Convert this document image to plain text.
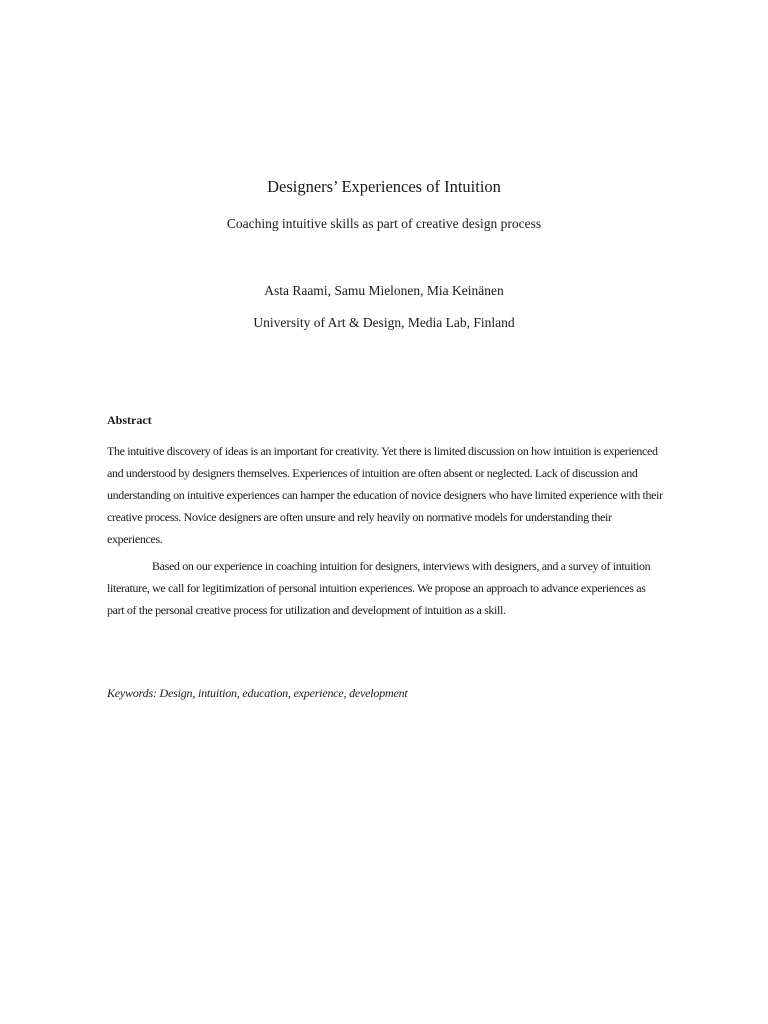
Designers’ Experiences of Intuition
Coaching intuitive skills as part of creative design process
Asta Raami, Samu Mielonen, Mia Keinänen
University of Art & Design, Media Lab, Finland
Abstract

The intuitive discovery of ideas is an important for creativity. Yet there is limited discussion on how intuition is experienced and understood by designers themselves. Experiences of intuition are often absent or neglected. Lack of discussion and understanding on intuitive experiences can hamper the education of novice designers who have limited experience with their creative process. Novice designers are often unsure and rely heavily on normative models for understanding their experiences.

Based on our experience in coaching intuition for designers, interviews with designers, and a survey of intuition literature, we call for legitimization of personal intuition experiences. We propose an approach to advance experiences as part of the personal creative process for utilization and development of intuition as a skill.

Keywords: Design, intuition, education, experience, development
